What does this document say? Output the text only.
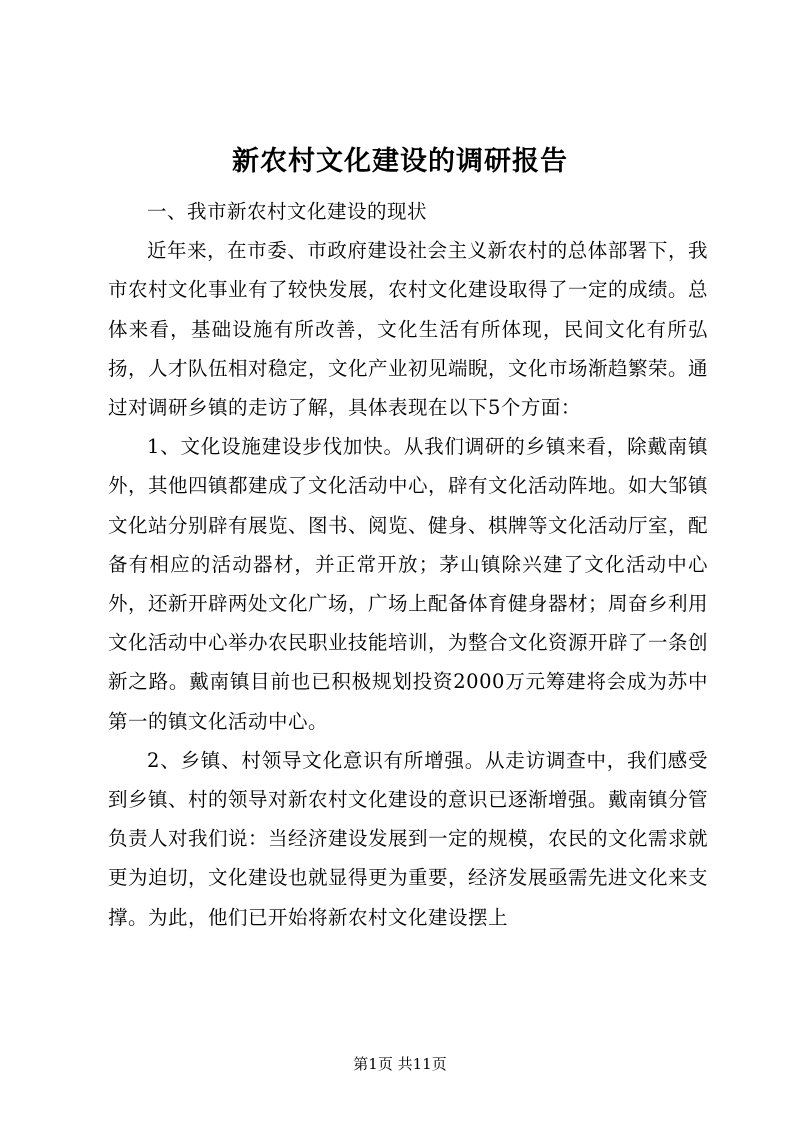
新农村文化建设的调研报告

一、我市新农村文化建设的现状

近年来，在市委、市政府建设社会主义新农村的总体部署下，我市农村文化事业有了较快发展，农村文化建设取得了一定的成绩。总体来看，基础设施有所改善，文化生活有所体现，民间文化有所弘扬，人才队伍相对稳定，文化产业初见端睨，文化市场渐趋繁荣。通过对调研乡镇的走访了解，具体表现在以下5个方面：

1、文化设施建设步伐加快。从我们调研的乡镇来看，除戴南镇外，其他四镇都建成了文化活动中心，辟有文化活动阵地。如大邹镇文化站分别辟有展览、图书、阅览、健身、棋牌等文化活动厅室，配备有相应的活动器材，并正常开放；茅山镇除兴建了文化活动中心外，还新开辟两处文化广场，广场上配备体育健身器材；周奋乡利用文化活动中心举办农民职业技能培训，为整合文化资源开辟了一条创新之路。戴南镇目前也已积极规划投资2000万元筹建将会成为苏中第一的镇文化活动中心。

2、乡镇、村领导文化意识有所增强。从走访调查中，我们感受到乡镇、村的领导对新农村文化建设的意识已逐渐增强。戴南镇分管负责人对我们说：当经济建设发展到一定的规模，农民的文化需求就更为迫切，文化建设也就显得更为重要，经济发展亟需先进文化来支撑。为此，他们已开始将新农村文化建设摆上

第1页 共11页
